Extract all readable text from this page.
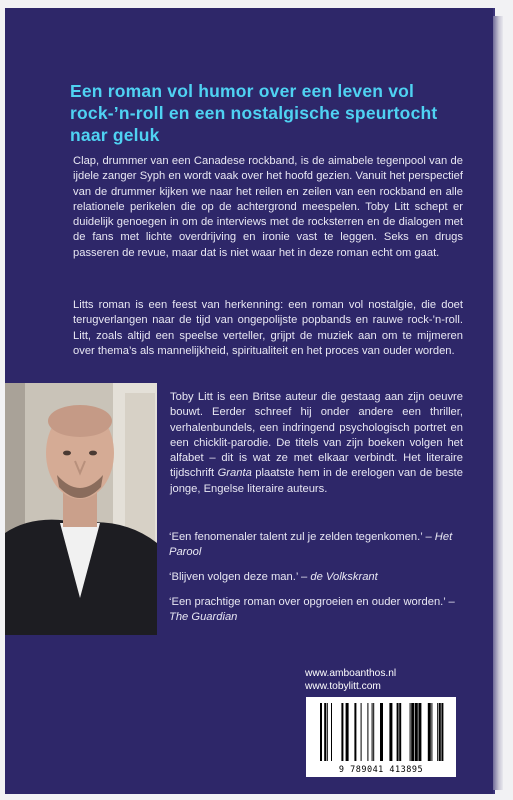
Een roman vol humor over een leven vol rock-’n-roll en een nostalgische speurtocht naar geluk
Clap, drummer van een Canadese rockband, is de aimabele tegenpool van de ijdele zanger Syph en wordt vaak over het hoofd gezien. Vanuit het perspectief van de drummer kijken we naar het reilen en zeilen van een rockband en alle relationele perikelen die op de achtergrond meespelen. Toby Litt schept er duidelijk genoegen in om de interviews met de rocksterren en de dialogen met de fans met lichte overdrijving en ironie vast te leggen. Seks en drugs passeren de revue, maar dat is niet waar het in deze roman echt om gaat.
Litts roman is een feest van herkenning: een roman vol nostalgie, die doet terugverlangen naar de tijd van ongepolijste popbands en rauwe rock-’n-roll. Litt, zoals altijd een speelse verteller, grijpt de muziek aan om te mijmeren over thema’s als mannelijkheid, spiritualiteit en het proces van ouder worden.
Toby Litt is een Britse auteur die gestaag aan zijn oeuvre bouwt. Eerder schreef hij onder andere een thriller, verhalenbundels, een indringend psychologisch portret en een chicklit-parodie. De titels van zijn boeken volgen het alfabet – dit is wat ze met elkaar verbindt. Het literaire tijdschrift Granta plaatste hem in de erelogen van de beste jonge, Engelse literaire auteurs.
‘Een fenomenaler talent zul je zelden tegenkomen.’ – Het Parool
‘Blijven volgen deze man.’ – de Volkskrant
‘Een prachtige roman over opgroeien en ouder worden.’ – The Guardian
www.amboanthos.nl
www.tobylitt.com
9 789041 413895
